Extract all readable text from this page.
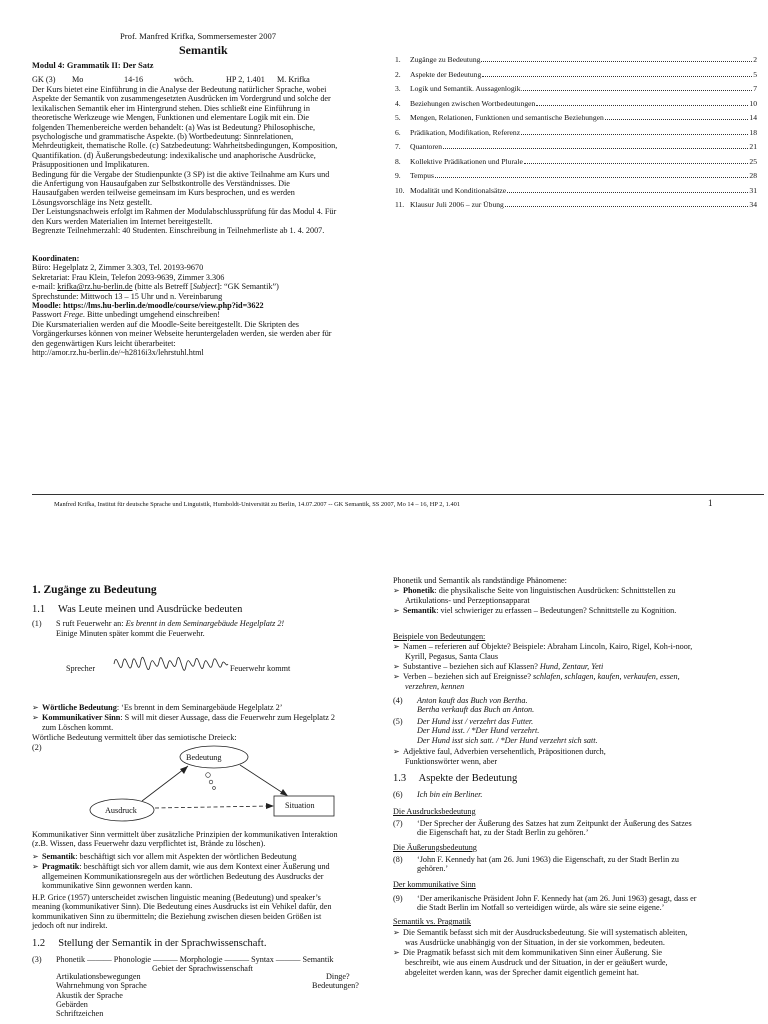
Prof. Manfred Krifka, Sommersemester 2007
Semantik
Modul 4: Grammatik II: Der Satz
GK (3) Mo	14-16	wöch.	HP 2, 1.401 M. Krifka
Der Kurs bietet eine Einführung in die Analyse der Bedeutung natürlicher Sprache, wobei
Aspekte der Semantik von zusammengesetzten Ausdrücken im Vordergrund und solche der
lexikalischen Semantik eher im Hintergrund stehen. Dies schließt eine Einführung in
theoretische Werkzeuge wie Mengen, Funktionen und elementare Logik mit ein. Die
folgenden Themenbereiche werden behandelt: (a) Was ist Bedeutung? Philosophische,
psychologische und grammatische Aspekte. (b) Wortbedeutung: Sinnrelationen,
Mehrdeutigkeit, thematische Rolle. (c) Satzbedeutung: Wahrheitsbedingungen, Komposition,
Quantifikation. (d) Äußerungsbedeutung: indexikalische und anaphorische Ausdrücke,
Präsuppositionen und Implikaturen.
Bedingung für die Vergabe der Studienpunkte (3 SP) ist die aktive Teilnahme am Kurs und
die Anfertigung von Hausaufgaben zur Selbstkontrolle des Verständnisses. Die
Hausaufgaben werden teilweise gemeinsam im Kurs besprochen, und es werden
Lösungsvorschläge ins Netz gestellt.
Der Leistungsnachweis erfolgt im Rahmen der Modulabschlussprüfung für das Modul 4. Für
den Kurs werden Materialien im Internet bereitgestellt.
Begrenzte Teilnehmerzahl: 40 Studenten. Einschreibung in Teilnehmerliste ab 1. 4. 2007.
Koordinaten:
Büro: Hegelplatz 2, Zimmer 3.303, Tel. 20193-9670
Sekretariat: Frau Klein, Telefon 2093-9639, Zimmer 3.306
e-mail: krifka@rz.hu-berlin.de (bitte als Betreff [Subject]: “GK Semantik”)
Sprechstunde: Mittwoch 13 – 15 Uhr und n. Vereinbarung
Moodle: https://lms.hu-berlin.de/moodle/course/view.php?id=3622
Passwort Frege. Bitte unbedingt umgehend einschreiben!
Die Kursmaterialien werden auf die Moodle-Seite bereitgestellt. Die Skripten des
Vorgängerkurses können von meiner Webseite heruntergeladen werden, sie werden aber für
den gegenwärtigen Kurs leicht überarbeitet:
http://amor.rz.hu-berlin.de/~h2816i3x/lehrstuhl.html
1.	Zugänge zu Bedeutung	2
2.	Aspekte der Bedeutung	5
3.	Logik und Semantik. Aussagenlogik.	7
4.	Beziehungen zwischen Wortbedeutungen	10
5.	Mengen, Relationen, Funktionen und semantische Beziehungen	14
6.	Prädikation, Modifikation, Referenz	18
7.	Quantoren	21
8.	Kollektive Prädikationen und Plurale	25
9.	Tempus	28
10. Modalität und Konditionalsätze	31
11. Klausur Juli 2006 – zur Übung	34
Manfred Krifka, Institut für deutsche Sprache und Linguistik, Humboldt-Universität zu Berlin, 14.07.2007 -- GK Semantik, SS 2007, Mo 14 – 16, HP 2, 1.401	1
1. Zugänge zu Bedeutung
1.1     Was Leute meinen und Ausdrücke bedeuten
(1) S ruft Feuerwehr an: Es brennt in dem Seminargebäude Hegelplatz 2!
Einige Minuten später kommt die Feuerwehr.
Sprecher	Feuerwehr kommt
➢ Wörtliche Bedeutung: ‘Es brennt in dem Seminargebäude Hegelplatz 2’
➢ Kommunikativer Sinn: S will mit dieser Aussage, dass die Feuerwehr zum Hegelplatz 2
zum Löschen kommt.
Wörtliche Bedeutung vermittelt über das semiotische Dreieck:
(2)
Bedeutung
Ausdruck
Situation
Kommunikativer Sinn vermittelt über zusätzliche Prinzipien der kommunikativen Interaktion
(z.B. Wissen, dass Feuerwehr dazu verpflichtet ist, Brände zu löschen).
➢ Semantik: beschäftigt sich vor allem mit Aspekten der wörtlichen Bedeutung
➢ Pragmatik: beschäftigt sich vor allem damit, wie aus dem Kontext einer Äußerung und
allgemeinen Kommunikationsregeln aus der wörtlichen Bedeutung des Ausdrucks der
kommunikative Sinn gewonnen werden kann.
H.P. Grice (1957) unterscheidet zwischen linguistic meaning (Bedeutung) und speaker’s
meaning (kommunikativer Sinn). Die Bedeutung eines Ausdrucks ist ein Vehikel dafür, den
kommunikativen Sinn zu übermitteln; die Beziehung zwischen diesen beiden Größen ist
jedoch oft nur indirekt.
1.2     Stellung der Semantik in der Sprachwissenschaft.
(3) Phonetik ——— Phonologie ——— Morphologie ——— Syntax ——— Semantik
Gebiet der Sprachwissenschaft
Artikulationsbewegungen
Wahrnehmung von Sprache
Akustik der Sprache
Gebärden
Schriftzeichen
Dinge?
Bedeutungen?
Phonetik und Semantik als randständige Phänomene:
➢ Phonetik: die physikalische Seite von linguistischen Ausdrücken: Schnittstellen zu
Artikulations- und Perzeptionsapparat
➢ Semantik: viel schwieriger zu erfassen – Bedeutungen? Schnittstelle zu Kognition.
Beispiele von Bedeutungen:
➢ Namen – referieren auf Objekte? Beispiele: Abraham Lincoln, Kairo, Rigel, Koh-i-noor,
Kyrill, Pegasus, Santa Claus
➢ Substantive – beziehen sich auf Klassen? Hund, Zentaur, Yeti
➢ Verben – beziehen sich auf Ereignisse? schlafen, schlagen, kaufen, verkaufen, essen,
verzehren, kennen
(4) Anton kauft das Buch von Bertha.
Bertha verkauft das Buch an Anton.
(5) Der Hund isst / verzehrt das Futter.
Der Hund isst. / *Der Hund verzehrt.
Der Hund isst sich satt. / *Der Hund verzehrt sich satt.
➢ Adjektive faul, Adverbien versehentlich, Präpositionen durch,
Funktionswörter wenn, aber
1.3     Aspekte der Bedeutung
(6) Ich bin ein Berliner.
Die Ausdrucksbedeutung
(7) ‘Der Sprecher der Äußerung des Satzes hat zum Zeitpunkt der Äußerung des Satzes
die Eigenschaft hat, zu der Stadt Berlin zu gehören.’
Die Äußerungsbedeutung
(8) ‘John F. Kennedy hat (am 26. Juni 1963) die Eigenschaft, zu der Stadt Berlin zu
gehören.’
Der kommunikative Sinn
(9) ‘Der amerikanische Präsident John F. Kennedy hat (am 26. Juni 1963) gesagt, dass er
die Stadt Berlin im Notfall so verteidigen würde, als wäre sie seine eigene.’
Semantik vs. Pragmatik
➢ Die Semantik befasst sich mit der Ausdrucksbedeutung. Sie will systematisch ableiten,
was Ausdrücke unabhängig von der Situation, in der sie vorkommen, bedeuten.
➢ Die Pragmatik befasst sich mit dem kommunikativen Sinn einer Äußerung. Sie
beschreibt, wie aus einem Ausdruck und der Situation, in der er geäußert wurde,
abgeleitet werden kann, was der Sprecher damit eigentlich gemeint hat.
